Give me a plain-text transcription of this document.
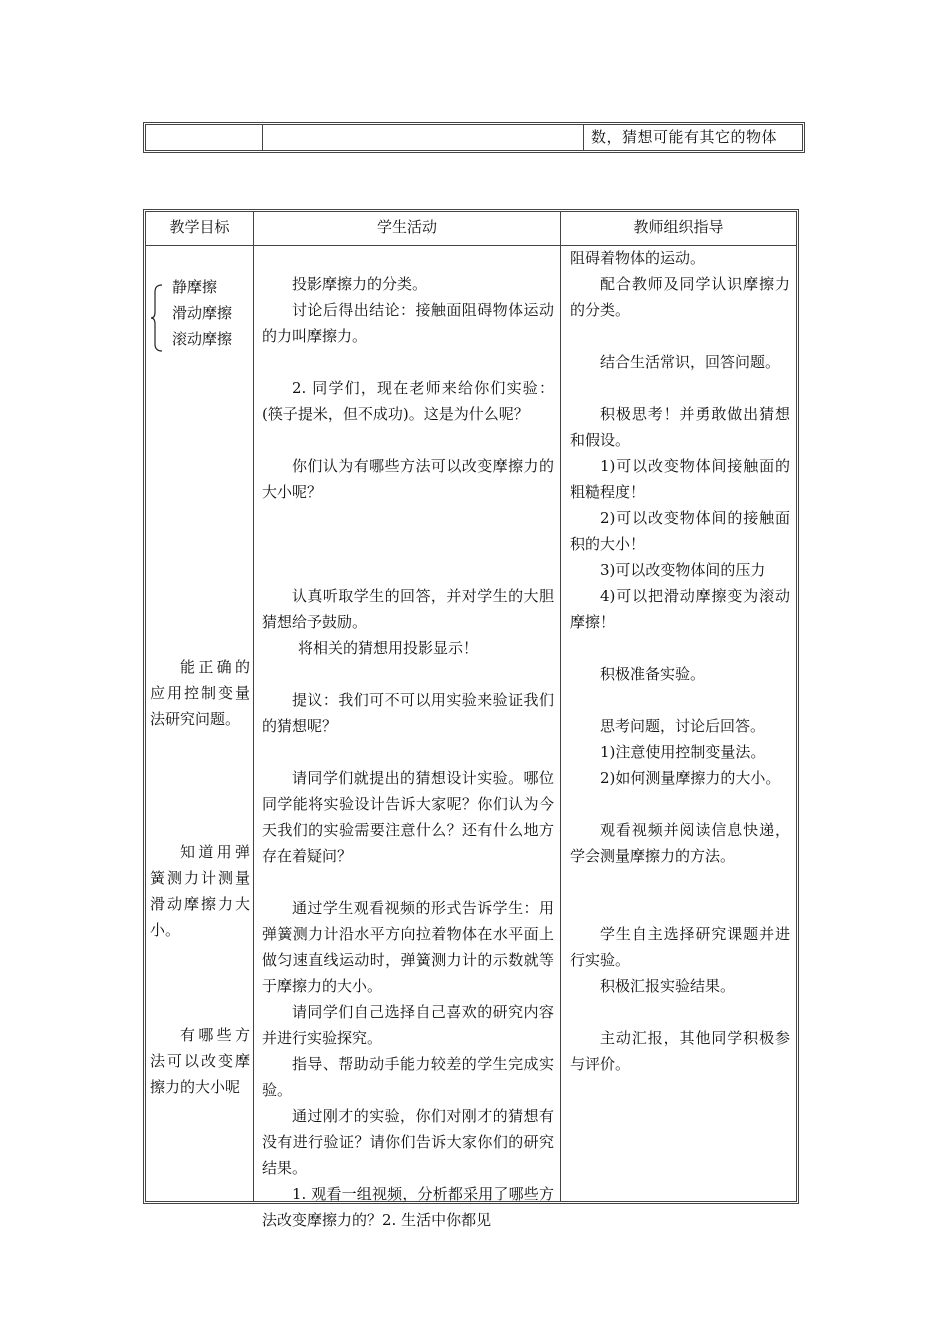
数，猜想可能有其它的物体
教学目标	学生活动	教师组织指导
静摩擦
滑动摩擦
滚动摩擦
能正确的应用控制变量法研究问题。
知道用弹簧测力计测量滑动摩擦力大小。
有哪些方法可以改变摩擦力的大小呢

投影摩擦力的分类。

讨论后得出结论：接触面阻碍物体运动的力叫摩擦力。

2. 同学们，现在老师来给你们实验：(筷子提米，但不成功)。这是为什么呢？

你们认为有哪些方法可以改变摩擦力的大小呢？

认真听取学生的回答，并对学生的大胆猜想给予鼓励。

将相关的猜想用投影显示！

提议：我们可不可以用实验来验证我们的猜想呢？

请同学们就提出的猜想设计实验。哪位同学能将实验设计告诉大家呢？你们认为今天我们的实验需要注意什么？还有什么地方存在着疑问？

通过学生观看视频的形式告诉学生：用弹簧测力计沿水平方向拉着物体在水平面上做匀速直线运动时，弹簧测力计的示数就等于摩擦力的大小。

请同学们自己选择自己喜欢的研究内容并进行实验探究。

指导、帮助动手能力较差的学生完成实验。

通过刚才的实验，你们对刚才的猜想有没有进行验证？请你们告诉大家你们的研究结果。

1. 观看一组视频，分析都采用了哪些方法改变摩擦力的？2. 生活中你都见

阻碍着物体的运动。

配合教师及同学认识摩擦力的分类。

结合生活常识，回答问题。

积极思考！并勇敢做出猜想和假设。

1)可以改变物体间接触面的粗糙程度！

2)可以改变物体间的接触面积的大小！

3)可以改变物体间的压力

4)可以把滑动摩擦变为滚动摩擦！

积极准备实验。

思考问题，讨论后回答。

1)注意使用控制变量法。

2)如何测量摩擦力的大小。

观看视频并阅读信息快递，学会测量摩擦力的方法。

学生自主选择研究课题并进行实验。

积极汇报实验结果。

主动汇报，其他同学积极参与评价。
